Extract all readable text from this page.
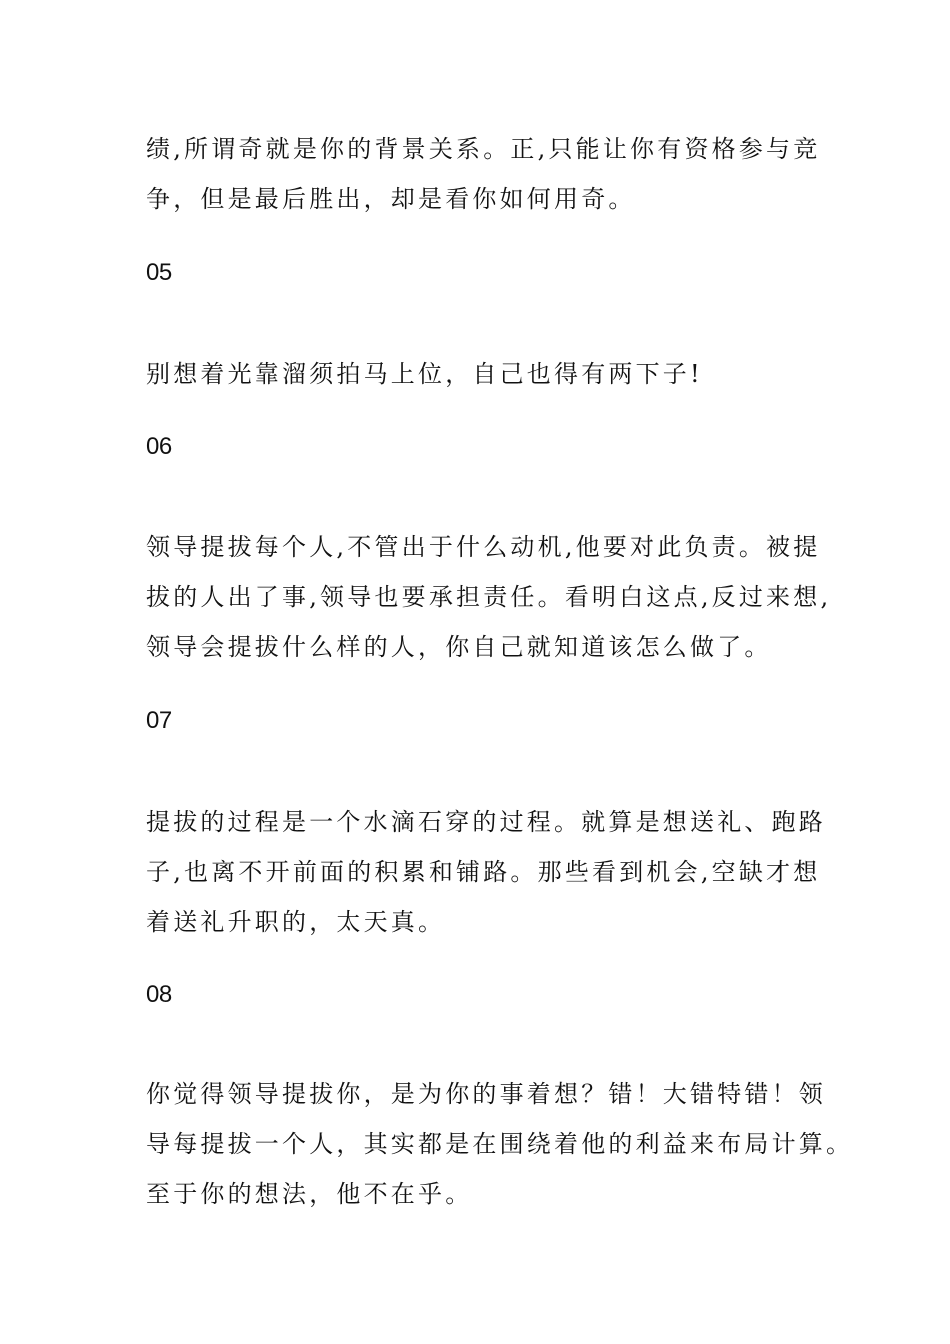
绩,所谓奇就是你的背景关系。正,只能让你有资格参与竞
争，但是最后胜出，却是看你如何用奇。

05

别想着光靠溜须拍马上位，自己也得有两下子!

06

领导提拔每个人,不管出于什么动机,他要对此负责。被提
拔的人出了事,领导也要承担责任。看明白这点,反过来想,
领导会提拔什么样的人，你自己就知道该怎么做了。

07

提拔的过程是一个水滴石穿的过程。就算是想送礼、跑路
子,也离不开前面的积累和铺路。那些看到机会,空缺才想
着送礼升职的，太天真。

08

你觉得领导提拔你，是为你的事着想？错！大错特错！领
导每提拔一个人，其实都是在围绕着他的利益来布局计算。
至于你的想法，他不在乎。
